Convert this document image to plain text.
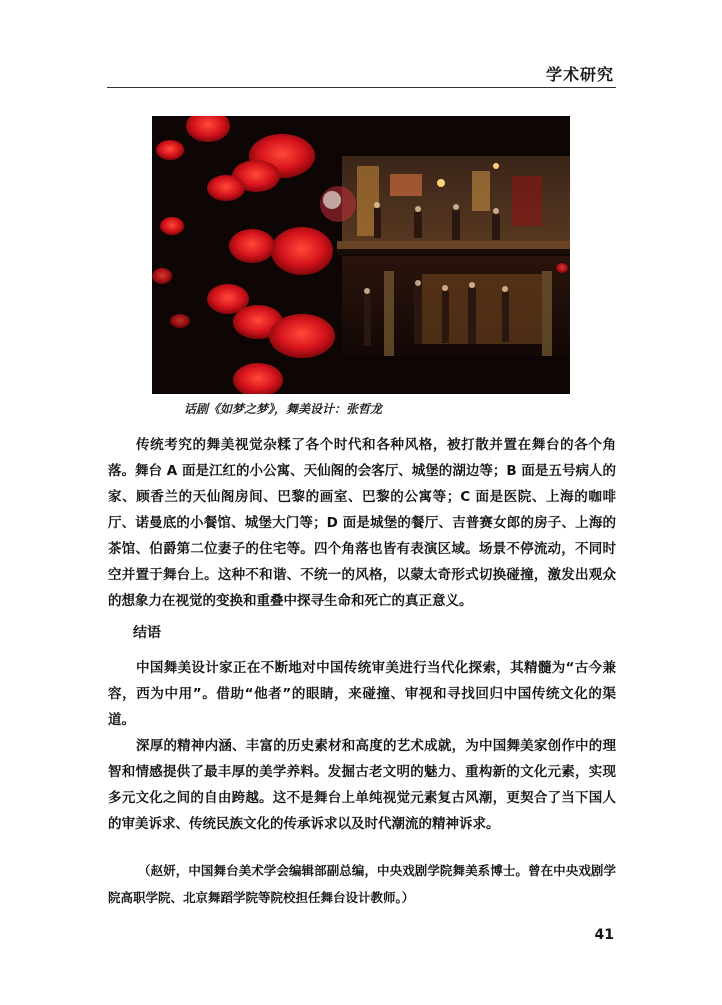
学术研究
话剧《如梦之梦》，舞美设计：张哲龙

传统考究的舞美视觉杂糅了各个时代和各种风格，被打散并置在舞台的各个角落。舞台 A 面是江红的小公寓、天仙阁的会客厅、城堡的湖边等；B 面是五号病人的家、顾香兰的天仙阁房间、巴黎的画室、巴黎的公寓等；C 面是医院、上海的咖啡厅、诺曼底的小餐馆、城堡大门等；D 面是城堡的餐厅、吉普赛女郎的房子、上海的茶馆、伯爵第二位妻子的住宅等。四个角落也皆有表演区域。场景不停流动，不同时空并置于舞台上。这种不和谐、不统一的风格，以蒙太奇形式切换碰撞，激发出观众的想象力在视觉的变换和重叠中探寻生命和死亡的真正意义。

结语

中国舞美设计家正在不断地对中国传统审美进行当代化探索，其精髓为“古今兼容，西为中用”。借助“他者”的眼睛，来碰撞、审视和寻找回归中国传统文化的渠道。

深厚的精神内涵、丰富的历史素材和高度的艺术成就，为中国舞美家创作中的理智和情感提供了最丰厚的美学养料。发掘古老文明的魅力、重构新的文化元素，实现多元文化之间的自由跨越。这不是舞台上单纯视觉元素复古风潮，更契合了当下国人的审美诉求、传统民族文化的传承诉求以及时代潮流的精神诉求。

（赵妍，中国舞台美术学会编辑部副总编，中央戏剧学院舞美系博士。曾在中央戏剧学院高职学院、北京舞蹈学院等院校担任舞台设计教师。）

41
